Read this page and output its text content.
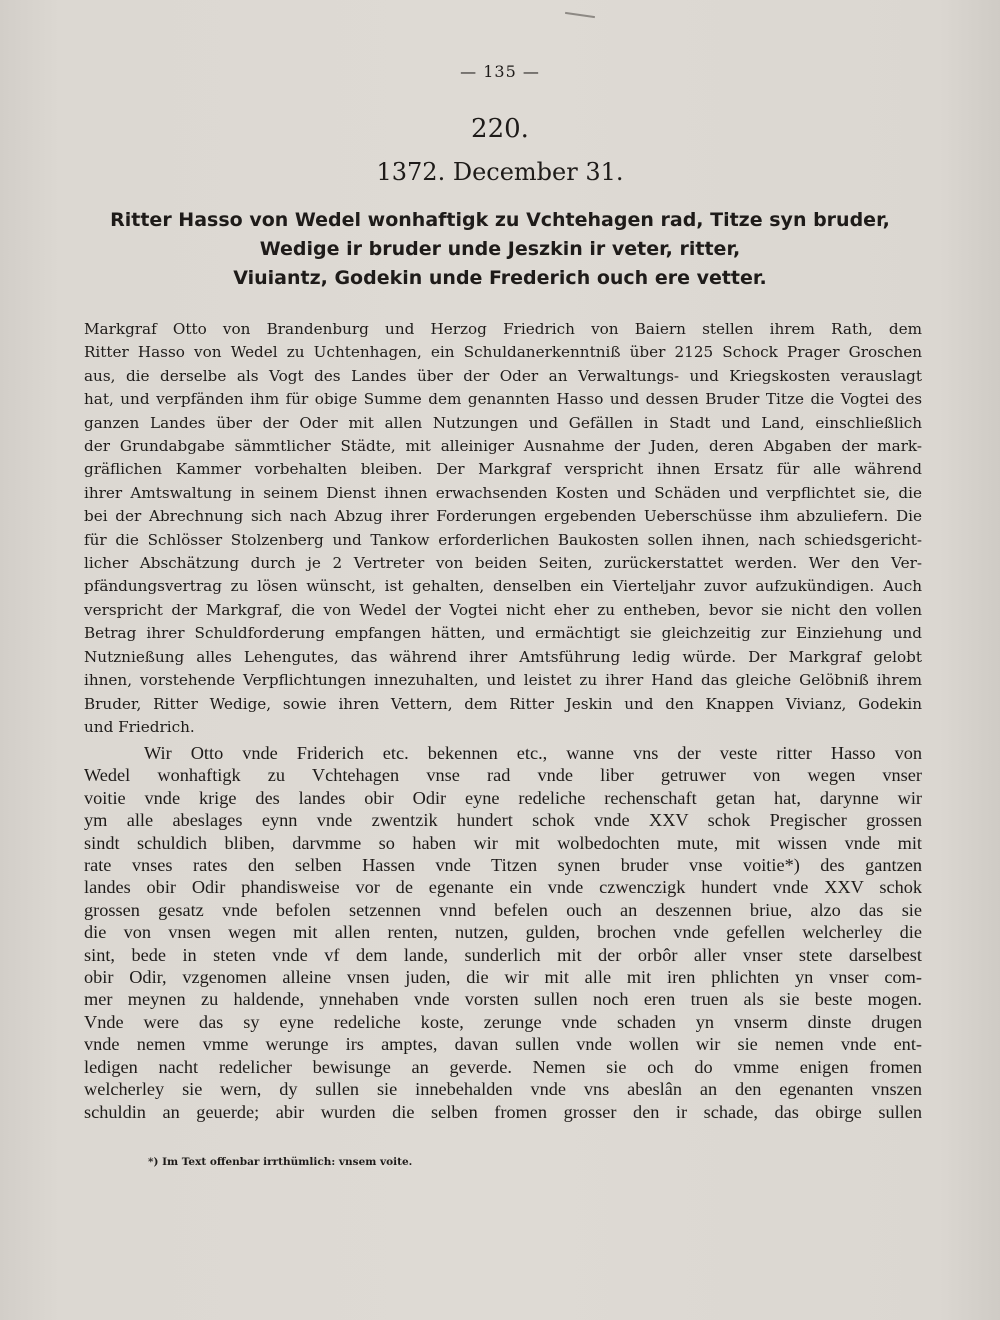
— 135 —
220.
1372. December 31.
Ritter Hasso von Wedel wonhaftigk zu Vchtehagen rad, Titze syn bruder,
Wedige ir bruder unde Jeszkin ir veter, ritter,
Viuiantz, Godekin unde Frederich ouch ere vetter.
Markgraf Otto von Brandenburg und Herzog Friedrich von Baiern stellen ihrem Rath, dem
Ritter Hasso von Wedel zu Uchtenhagen, ein Schuldanerkenntniß über 2125 Schock Prager Groschen
aus, die derselbe als Vogt des Landes über der Oder an Verwaltungs- und Kriegskosten verauslagt
hat, und verpfänden ihm für obige Summe dem genannten Hasso und dessen Bruder Titze die Vogtei des
ganzen Landes über der Oder mit allen Nutzungen und Gefällen in Stadt und Land, einschließlich
der Grundabgabe sämmtlicher Städte, mit alleiniger Ausnahme der Juden, deren Abgaben der mark-
gräflichen Kammer vorbehalten bleiben. Der Markgraf verspricht ihnen Ersatz für alle während
ihrer Amtswaltung in seinem Dienst ihnen erwachsenden Kosten und Schäden und verpflichtet sie, die
bei der Abrechnung sich nach Abzug ihrer Forderungen ergebenden Ueberschüsse ihm abzuliefern. Die
für die Schlösser Stolzenberg und Tankow erforderlichen Baukosten sollen ihnen, nach schiedsgericht-
licher Abschätzung durch je 2 Vertreter von beiden Seiten, zurückerstattet werden. Wer den Ver-
pfändungsvertrag zu lösen wünscht, ist gehalten, denselben ein Vierteljahr zuvor aufzukündigen. Auch
verspricht der Markgraf, die von Wedel der Vogtei nicht eher zu entheben, bevor sie nicht den vollen
Betrag ihrer Schuldforderung empfangen hätten, und ermächtigt sie gleichzeitig zur Einziehung und
Nutznießung alles Lehengutes, das während ihrer Amtsführung ledig würde. Der Markgraf gelobt
ihnen, vorstehende Verpflichtungen innezuhalten, und leistet zu ihrer Hand das gleiche Gelöbniß ihrem
Bruder, Ritter Wedige, sowie ihren Vettern, dem Ritter Jeskin und den Knappen Vivianz, Godekin
und Friedrich.
Wir Otto vnde Friderich etc. bekennen etc., wanne vns der veste ritter Hasso von
Wedel wonhaftigk zu Vchtehagen vnse rad vnde liber getruwer von wegen vnser
voitie vnde krige des landes obir Odir eyne redeliche rechenschaft getan hat, darynne wir
ym alle abeslages eynn vnde zwentzik hundert schok vnde XXV schok Pregischer grossen
sindt schuldich bliben, darvmme so haben wir mit wolbedochten mute, mit wissen vnde mit
rate vnses rates den selben Hassen vnde Titzen synen bruder vnse voitie*) des gantzen
landes obir Odir phandisweise vor de egenante ein vnde czwenczigk hundert vnde XXV schok
grossen gesatz vnde befolen setzennen vnnd befelen ouch an deszennen briue, alzo das sie
die von vnsen wegen mit allen renten, nutzen, gulden, brochen vnde gefellen welcherley die
sint, bede in steten vnde vf dem lande, sunderlich mit der orbôr aller vnser stete darselbest
obir Odir, vzgenomen alleine vnsen juden, die wir mit alle mit iren phlichten yn vnser com-
mer meynen zu haldende, ynnehaben vnde vorsten sullen noch eren truen als sie beste mogen.
Vnde were das sy eyne redeliche koste, zerunge vnde schaden yn vnserm dinste drugen
vnde nemen vmme werunge irs amptes, davan sullen vnde wollen wir sie nemen vnde ent-
ledigen nacht redelicher bewisunge an geverde. Nemen sie och do vmme enigen fromen
welcherley sie wern, dy sullen sie innebehalden vnde vns abeslân an den egenanten vnszen
schuldin an geuerde; abir wurden die selben fromen grosser den ir schade, das obirge sullen
*) Im Text offenbar irrthümlich: vnsem voite.
